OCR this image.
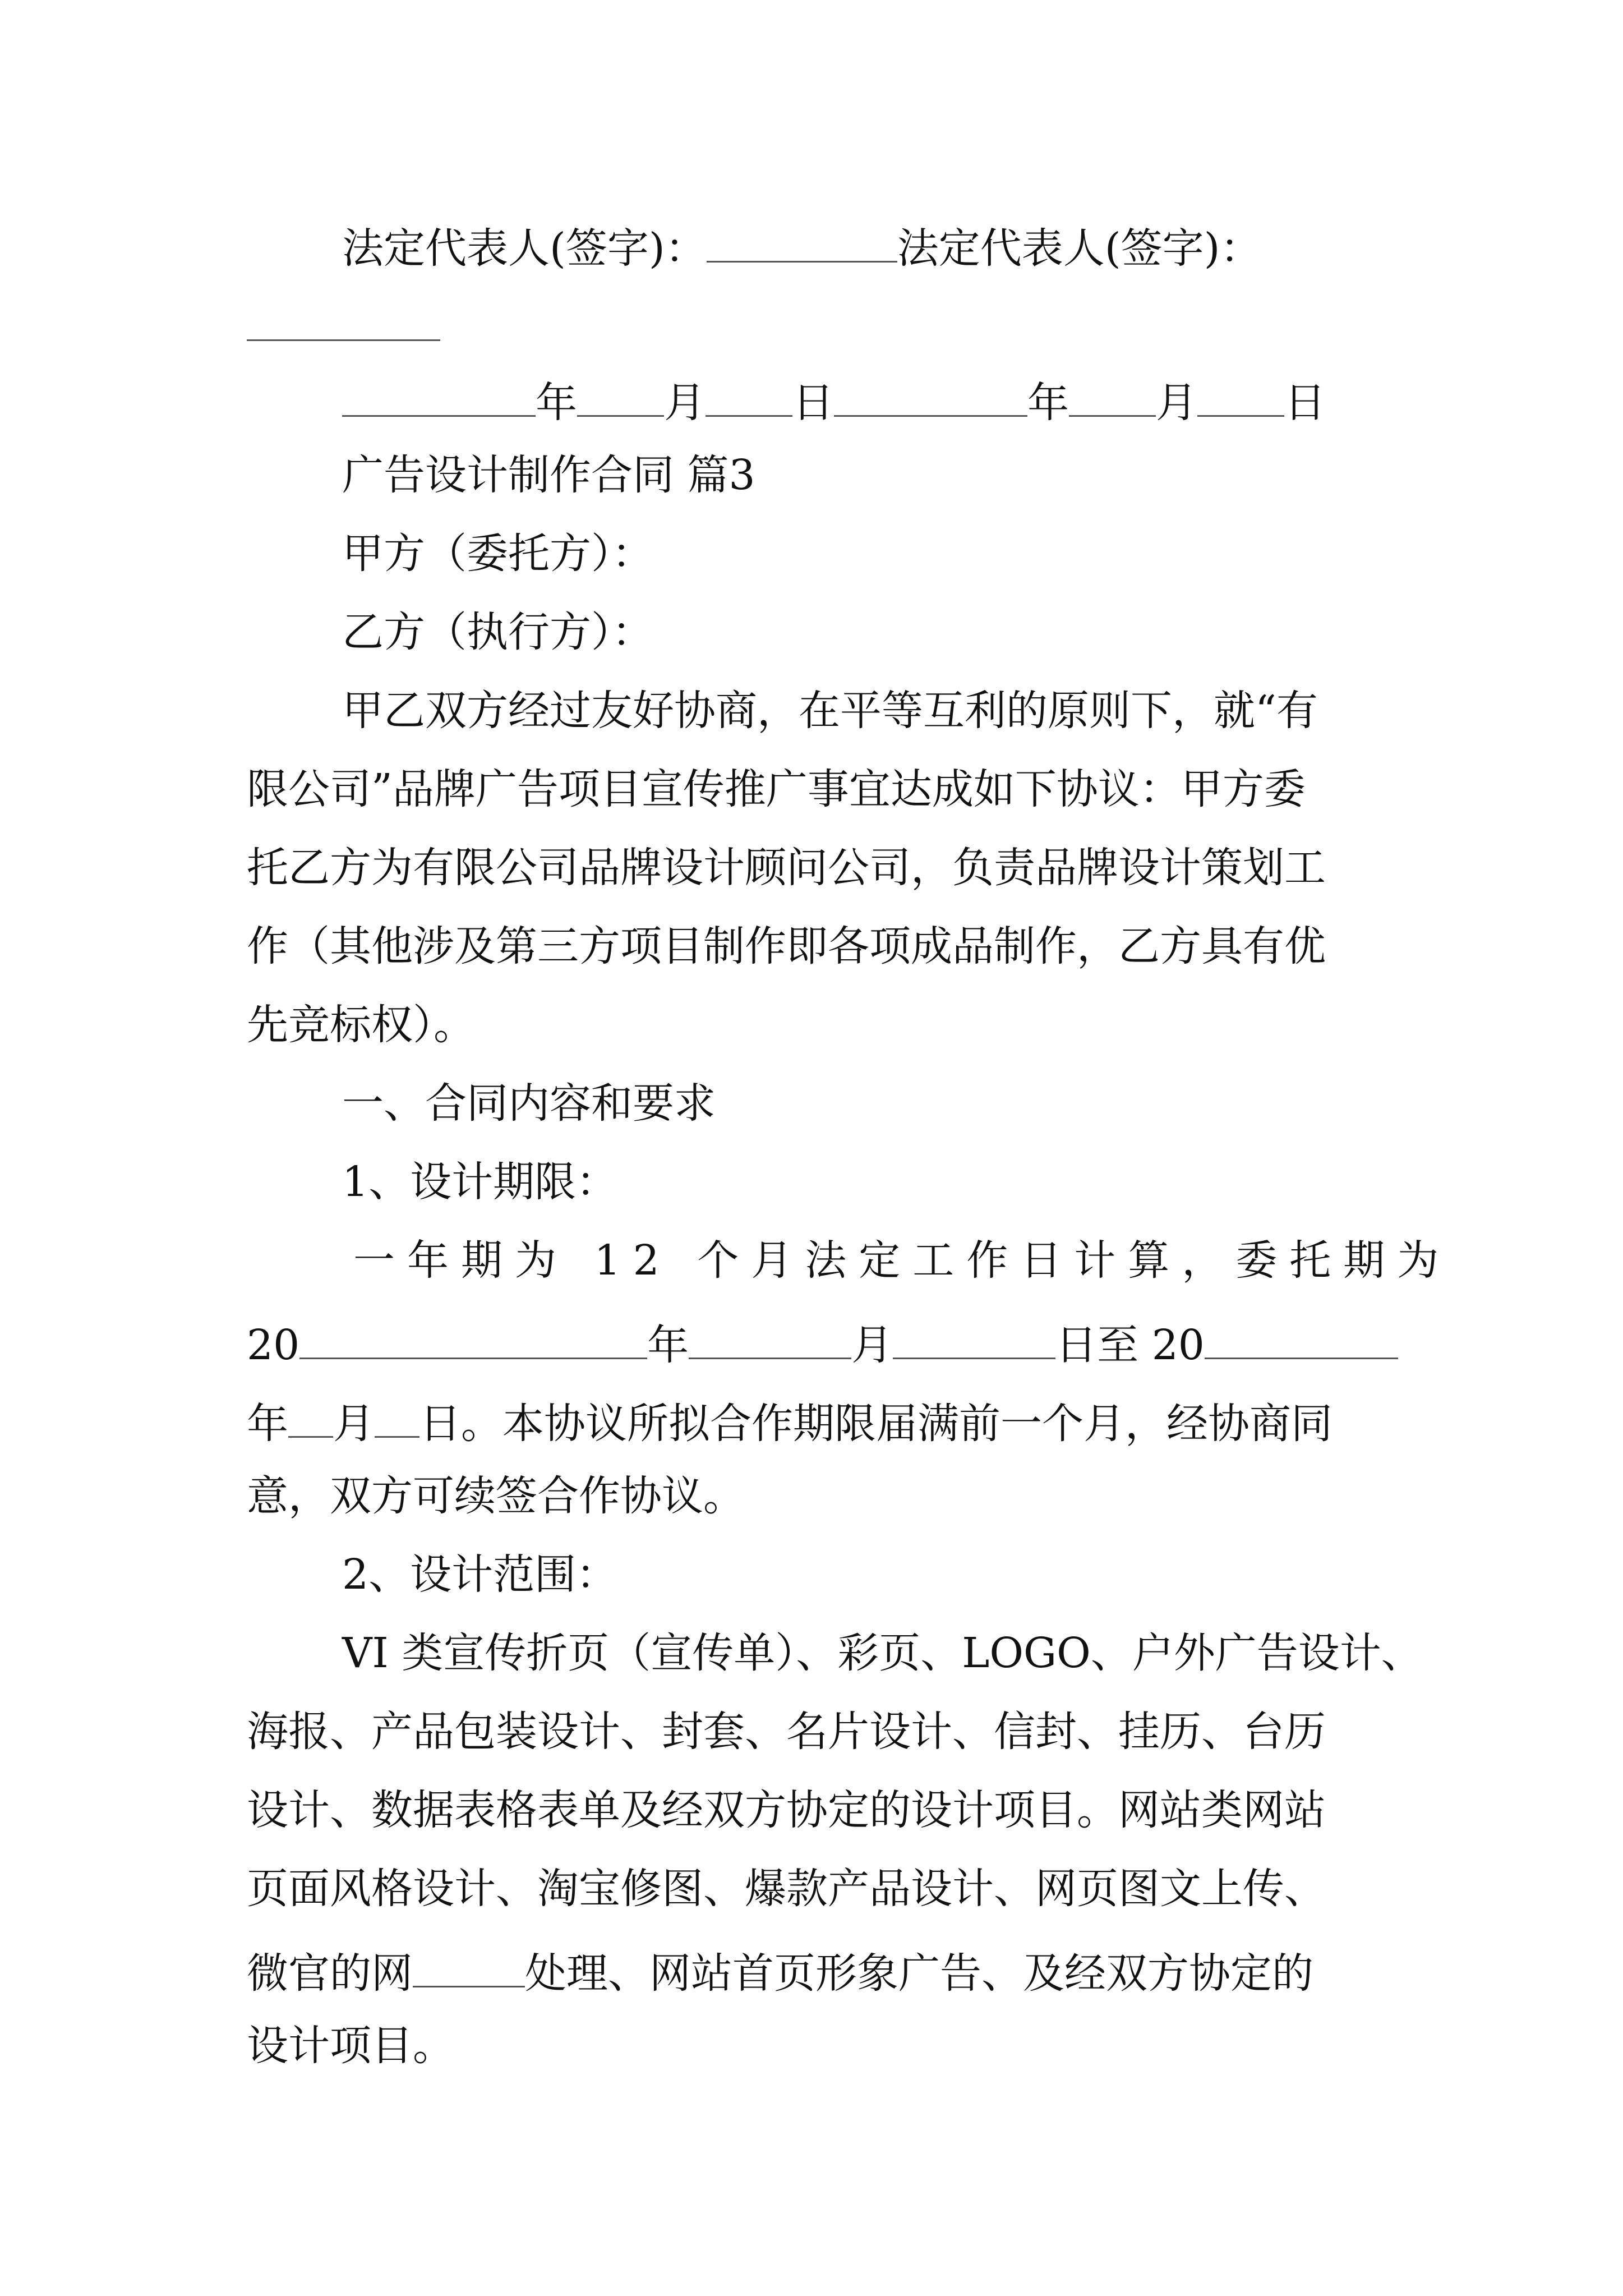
法定代表人(签字)：	法定代表人(签字)：
年 月 日	年 月 日
广告设计制作合同 篇3
甲方（委托方）：
乙方（执行方）：
甲乙双方经过友好协商，在平等互利的原则下，就“有
限公司”品牌广告项目宣传推广事宜达成如下协议：甲方委
托乙方为有限公司品牌设计顾问公司，负责品牌设计策划工
作（其他涉及第三方项目制作即各项成品制作，乙方具有优
先竞标权）。
一、合同内容和要求
1、设计期限：
一年期为 12 个月法定工作日计算，委托期为
20	年	月	日至 20
年 月 日。本协议所拟合作期限届满前一个月，经协商同
意，双方可续签合作协议。
2、设计范围：
VI 类宣传折页（宣传单）、彩页、LOGO、户外广告设计、
海报、产品包装设计、封套、名片设计、信封、挂历、台历
设计、数据表格表单及经双方协定的设计项目。网站类网站
页面风格设计、淘宝修图、爆款产品设计、网页图文上传、
微官的网	处理、网站首页形象广告、及经双方协定的
设计项目。
